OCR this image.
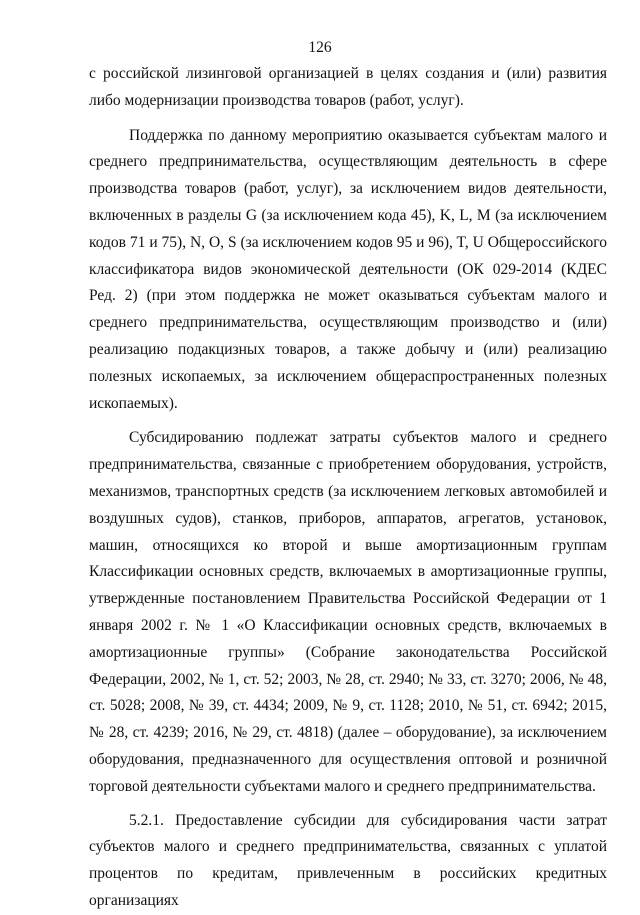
126

с российской лизинговой организацией в целях создания и (или) развития либо модернизации производства товаров (работ, услуг).

Поддержка по данному мероприятию оказывается субъектам малого и среднего предпринимательства, осуществляющим деятельность в сфере производства товаров (работ, услуг), за исключением видов деятельности, включенных в разделы G (за исключением кода 45), K, L, M (за исключением кодов 71 и 75), N, O, S (за исключением кодов 95 и 96), T, U Общероссийского классификатора видов экономической деятельности (ОК 029-2014 (КДЕС Ред. 2) (при этом поддержка не может оказываться субъектам малого и среднего предпринимательства, осуществляющим производство и (или) реализацию подакцизных товаров, а также добычу и (или) реализацию полезных ископаемых, за исключением общераспространенных полезных ископаемых).

Субсидированию подлежат затраты субъектов малого и среднего предпринимательства, связанные с приобретением оборудования, устройств, механизмов, транспортных средств (за исключением легковых автомобилей и воздушных судов), станков, приборов, аппаратов, агрегатов, установок, машин, относящихся ко второй и выше амортизационным группам Классификации основных средств, включаемых в амортизационные группы, утвержденные постановлением Правительства Российской Федерации от 1 января 2002 г. № 1 «О Классификации основных средств, включаемых в амортизационные группы» (Собрание законодательства Российской Федерации, 2002, № 1, ст. 52; 2003, № 28, ст. 2940; № 33, ст. 3270; 2006, № 48, ст. 5028; 2008, № 39, ст. 4434; 2009, № 9, ст. 1128; 2010, № 51, ст. 6942; 2015, № 28, ст. 4239; 2016, № 29, ст. 4818) (далее – оборудование), за исключением оборудования, предназначенного для осуществления оптовой и розничной торговой деятельности субъектами малого и среднего предпринимательства.

5.2.1. Предоставление субсидии для субсидирования части затрат субъектов малого и среднего предпринимательства, связанных с уплатой процентов по кредитам, привлеченным в российских кредитных организациях
